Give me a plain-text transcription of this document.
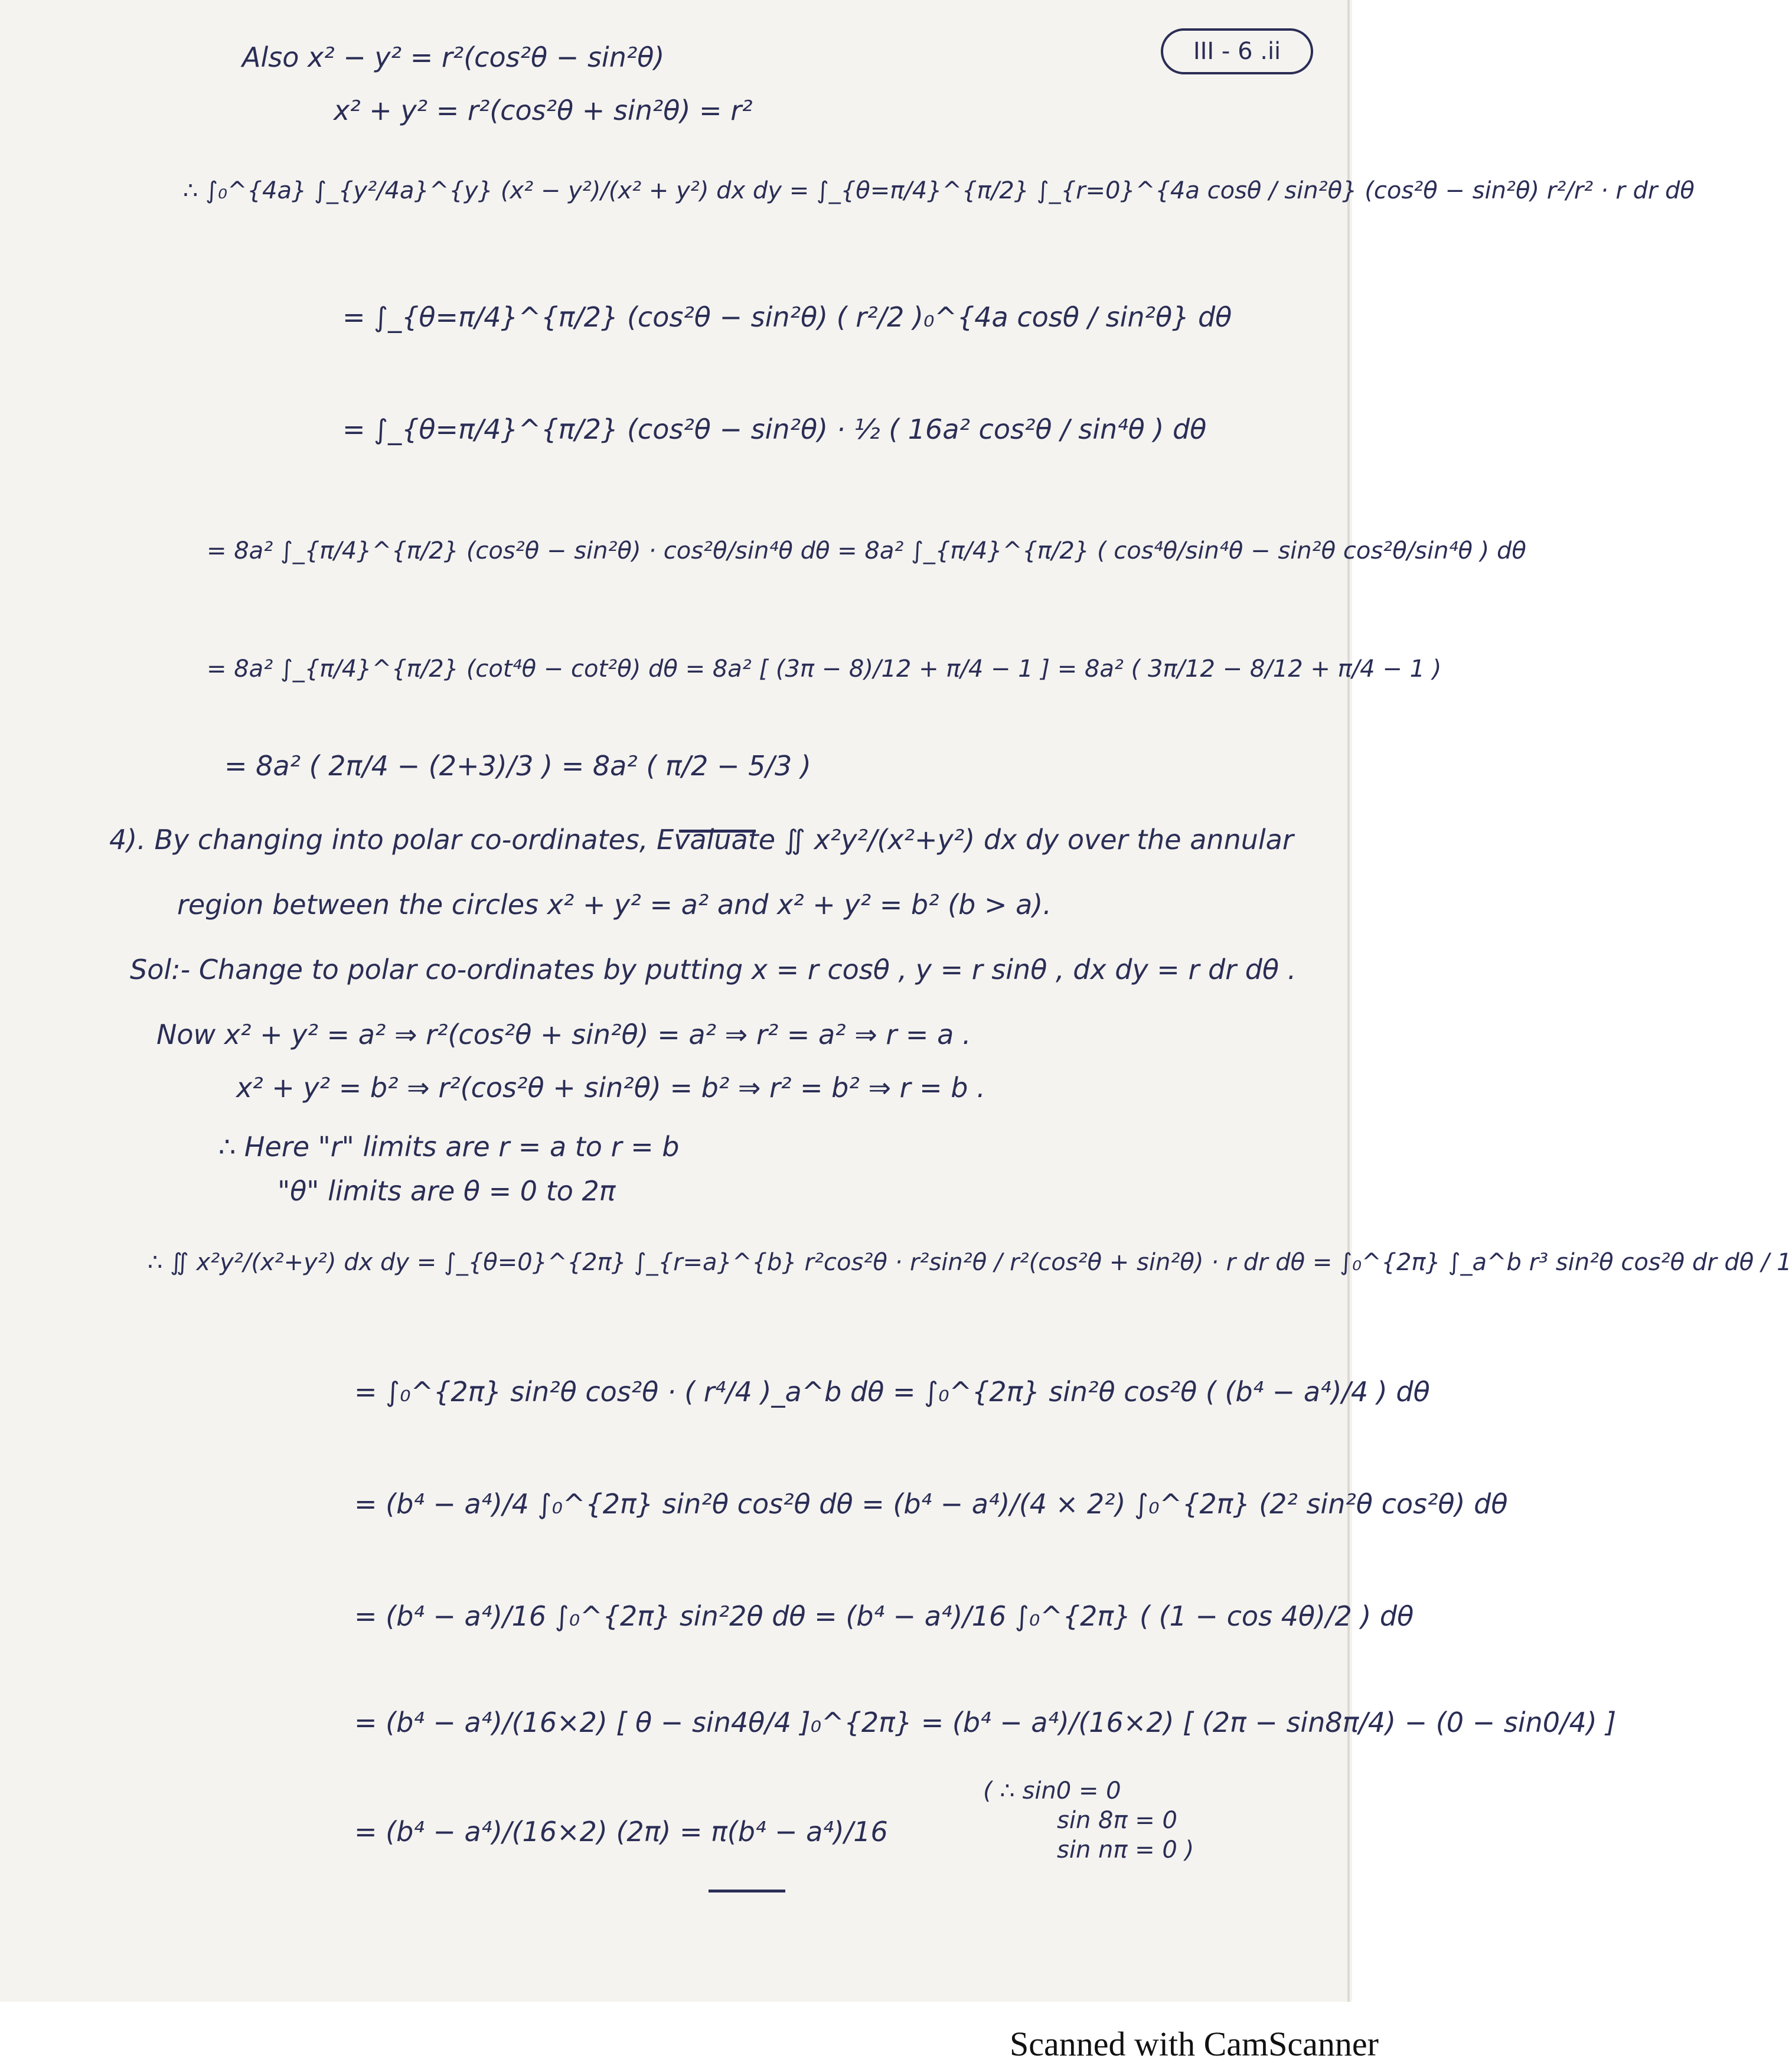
III - 6 .ii
Also x² − y² = r²(cos²θ − sin²θ)
x² + y² = r²(cos²θ + sin²θ) = r²
∴ ∫₀^{4a} ∫_{y²/4a}^{y} (x² − y²)/(x² + y²) dx dy = ∫_{θ=π/4}^{π/2} ∫_{r=0}^{4a cosθ / sin²θ} (cos²θ − sin²θ) r²/r² · r dr dθ
= ∫_{θ=π/4}^{π/2} (cos²θ − sin²θ) ( r²/2 )₀^{4a cosθ / sin²θ} dθ
= ∫_{θ=π/4}^{π/2} (cos²θ − sin²θ) · ½ ( 16a² cos²θ / sin⁴θ ) dθ
= 8a² ∫_{π/4}^{π/2} (cos²θ − sin²θ) · cos²θ/sin⁴θ dθ = 8a² ∫_{π/4}^{π/2} ( cos⁴θ/sin⁴θ − sin²θ cos²θ/sin⁴θ ) dθ
= 8a² ∫_{π/4}^{π/2} (cot⁴θ − cot²θ) dθ = 8a² [ (3π − 8)/12 + π/4 − 1 ] = 8a² ( 3π/12 − 8/12 + π/4 − 1 )
= 8a² ( 2π/4 − (2+3)/3 ) = 8a² ( π/2 − 5/3 )
4). By changing into polar co-ordinates, Evaluate ∬ x²y²/(x²+y²) dx dy over the annular
region between the circles x² + y² = a² and x² + y² = b² (b > a).
Sol:- Change to polar co-ordinates by putting x = r cosθ , y = r sinθ , dx dy = r dr dθ .
Now x² + y² = a² ⇒ r²(cos²θ + sin²θ) = a² ⇒ r² = a² ⇒ r = a .
x² + y² = b² ⇒ r²(cos²θ + sin²θ) = b² ⇒ r² = b² ⇒ r = b .
∴ Here "r" limits are r = a to r = b
"θ" limits are θ = 0 to 2π
∴ ∬ x²y²/(x²+y²) dx dy = ∫_{θ=0}^{2π} ∫_{r=a}^{b} r²cos²θ · r²sin²θ / r²(cos²θ + sin²θ) · r dr dθ = ∫₀^{2π} ∫_a^b r³ sin²θ cos²θ dr dθ / 1
= ∫₀^{2π} sin²θ cos²θ · ( r⁴/4 )_a^b dθ = ∫₀^{2π} sin²θ cos²θ ( (b⁴ − a⁴)/4 ) dθ
= (b⁴ − a⁴)/4 ∫₀^{2π} sin²θ cos²θ dθ = (b⁴ − a⁴)/(4 × 2²) ∫₀^{2π} (2² sin²θ cos²θ) dθ
= (b⁴ − a⁴)/16 ∫₀^{2π} sin²2θ dθ = (b⁴ − a⁴)/16 ∫₀^{2π} ( (1 − cos 4θ)/2 ) dθ
= (b⁴ − a⁴)/(16×2) [ θ − sin4θ/4 ]₀^{2π} = (b⁴ − a⁴)/(16×2) [ (2π − sin8π/4) − (0 − sin0/4) ]
= (b⁴ − a⁴)/(16×2) (2π) = π(b⁴ − a⁴)/16
( ∴ sin0 = 0
sin 8π = 0
sin nπ = 0 )
Scanned with CamScanner
